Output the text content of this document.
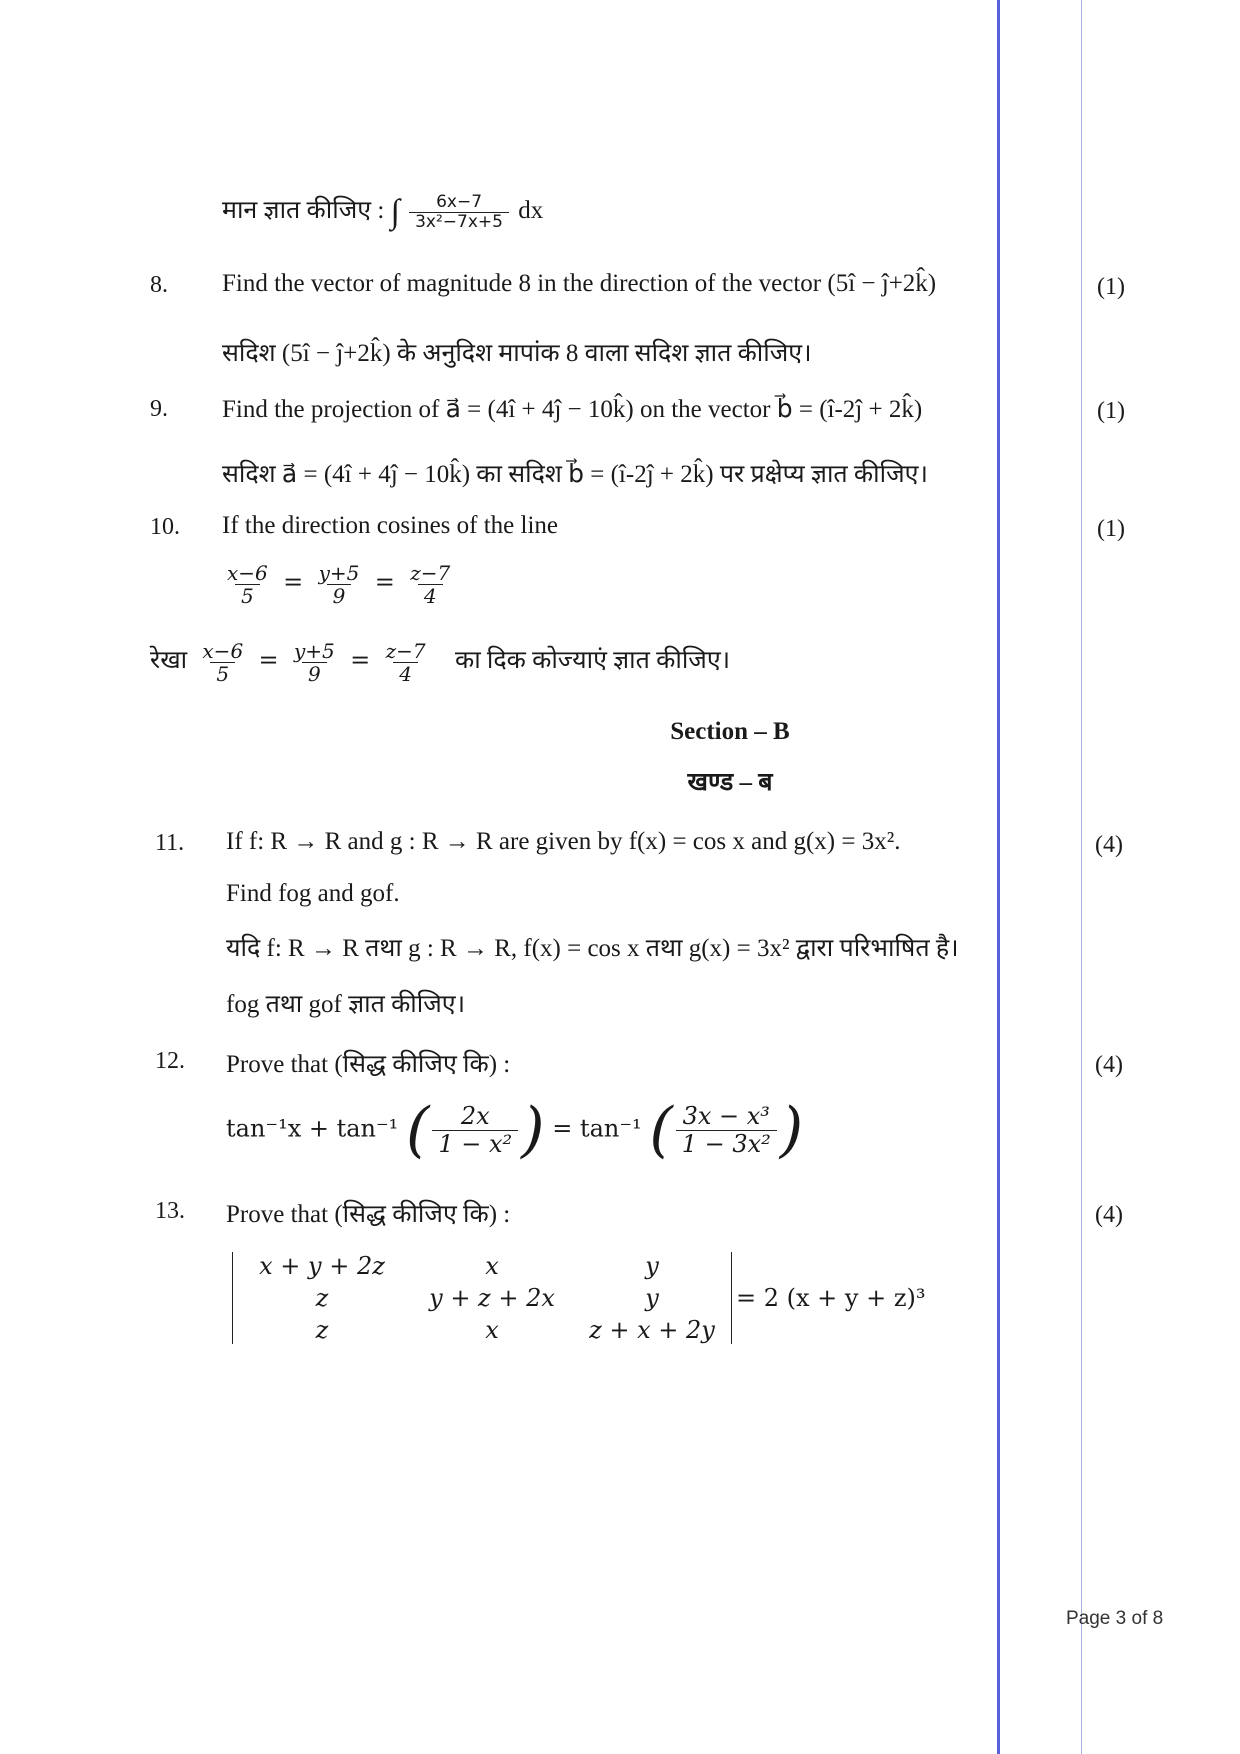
मान ज्ञात कीजिए : ∫ $\frac{6x-7}{\text{3x²−7x+5}}$ dx
8. Find the vector of magnitude 8 in the direction of the vector (5î − ĵ+2k̂)	(1)
सदिश (5î − ĵ+2k̂) के अनुदिश मापांक 8 वाला सदिश ज्ञात कीजिए।
9. Find the projection of a⃗ = (4î + 4ĵ − 10k̂) on the vector b⃗ = (î-2ĵ + 2k̂)	(1)
सदिश a⃗ = (4î + 4ĵ − 10k̂) का सदिश b⃗ = (î-2ĵ + 2k̂) पर प्रक्षेप्य ज्ञात कीजिए।
10. If the direction cosines of the line	(1)
$\frac{x-6}{5} = \frac{y+5}{9} = \frac{z-7}{4}$
रेखा $\frac{x-6}{5} = \frac{y+5}{9} = \frac{z-7}{4}$ का दिक कोज्याएं ज्ञात कीजिए।
Section – B
खण्ड – ब
11. If f: R → R and g : R → R are given by f(x) = cos x and g(x) = 3x².	(4)
Find fog and gof.
यदि f: R → R तथा g : R → R, f(x) = cos x तथा g(x) = 3x² द्वारा परिभाषित है।
fog तथा gof ज्ञात कीजिए।
12. Prove that (सिद्ध कीजिए कि) :	(4)
tan⁻¹x + tan⁻¹ ( $\frac{2x}{\text{1 − x²}}$ ) = tan⁻¹ ( $\frac{\text{3x − x³}}{\text{1 − 3x²}}$ )
13. Prove that (सिद्ध कीजिए कि) :	(4)
x + y + 2z	x	y
z	y + z + 2x	y
z	x	z + x + 2y
= 2 (x + y + z)³
Page 3 of 8
